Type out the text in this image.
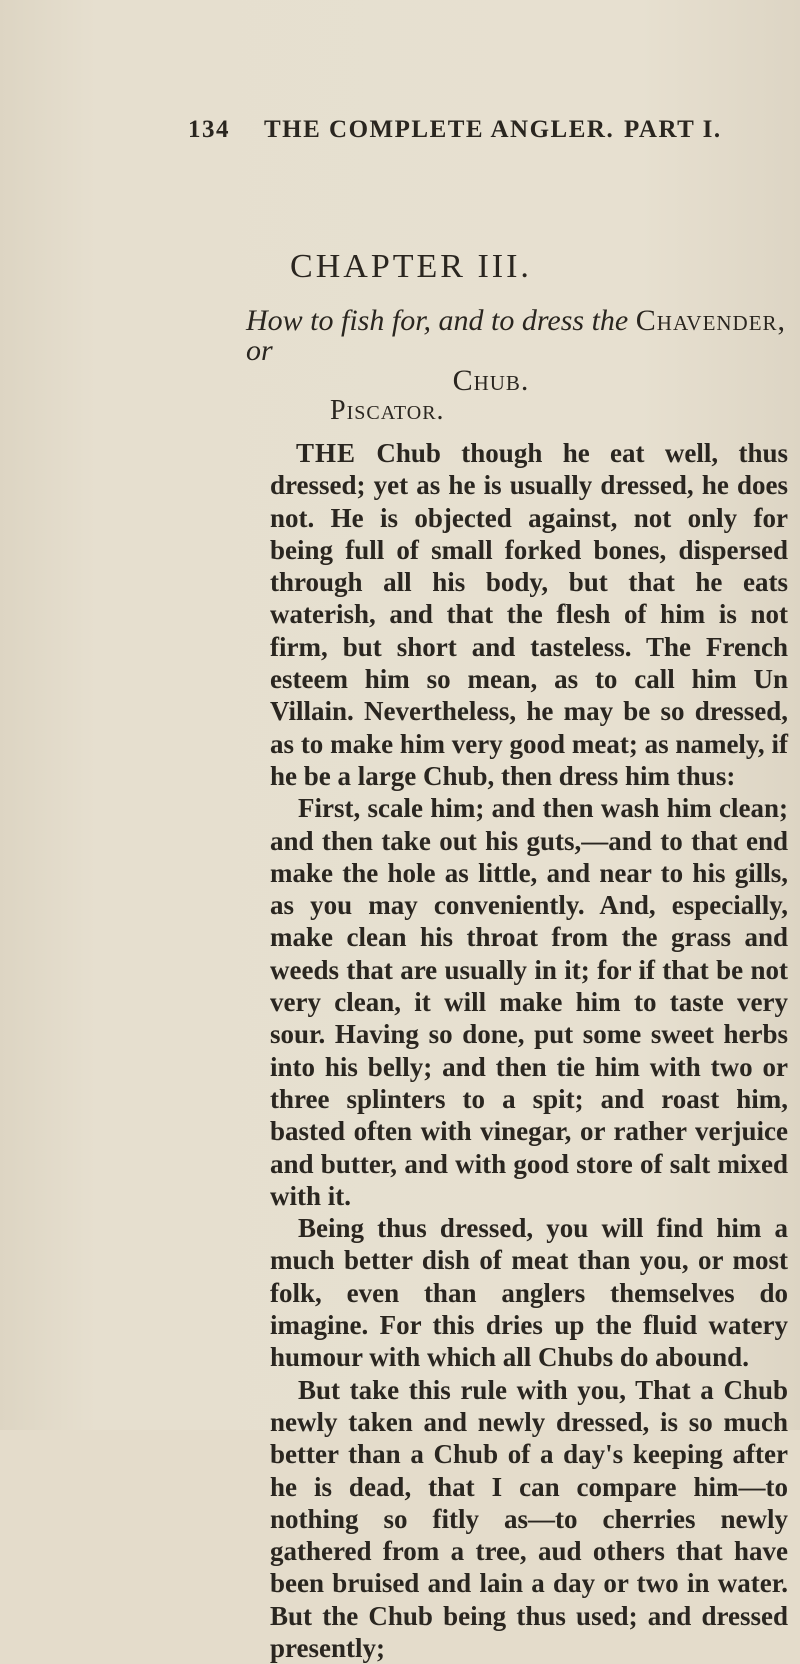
134 THE COMPLETE ANGLER. PART I.
CHAPTER III.
How to fish for, and to dress the Chavender, or
Chub.
Piscator.

THE Chub though he eat well, thus dressed; yet as he is usually dressed, he does not. He is objected against, not only for being full of small forked bones, dispersed through all his body, but that he eats waterish, and that the flesh of him is not firm, but short and tasteless. The French esteem him so mean, as to call him Un Villain. Nevertheless, he may be so dressed, as to make him very good meat; as namely, if he be a large Chub, then dress him thus:

First, scale him; and then wash him clean; and then take out his guts,—and to that end make the hole as little, and near to his gills, as you may conveniently. And, especially, make clean his throat from the grass and weeds that are usually in it; for if that be not very clean, it will make him to taste very sour. Having so done, put some sweet herbs into his belly; and then tie him with two or three splinters to a spit; and roast him, basted often with vinegar, or rather verjuice and butter, and with good store of salt mixed with it.

Being thus dressed, you will find him a much better dish of meat than you, or most folk, even than anglers themselves do imagine. For this dries up the fluid watery humour with which all Chubs do abound.

But take this rule with you, That a Chub newly taken and newly dressed, is so much better than a Chub of a day's keeping after he is dead, that I can compare him—to nothing so fitly as—to cherries newly gathered from a tree, aud others that have been bruised and lain a day or two in water. But the Chub being thus used; and dressed presently;
